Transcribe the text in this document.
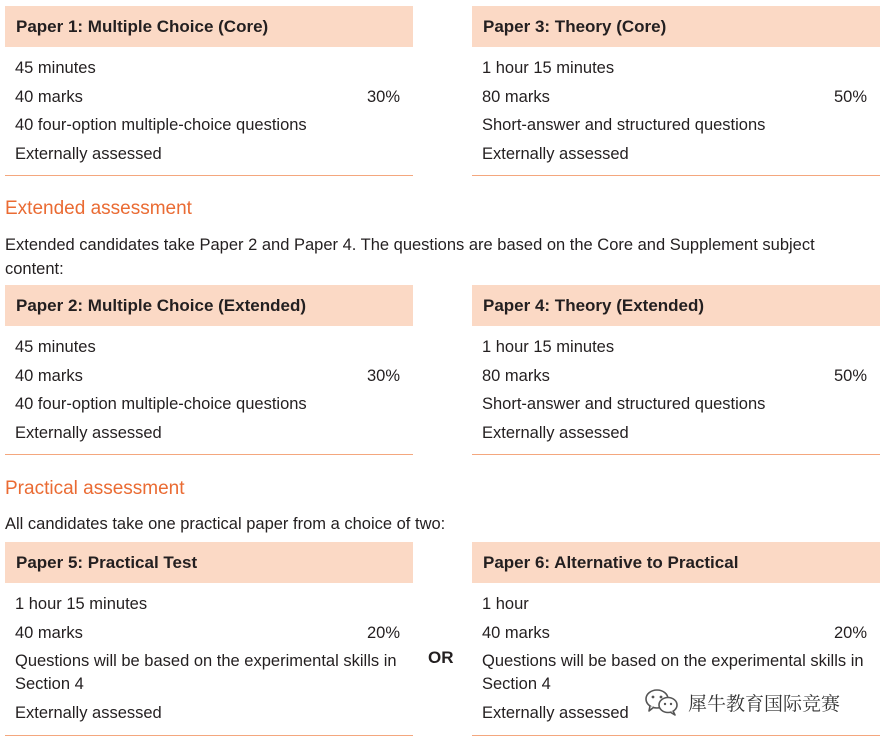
Paper 1: Multiple Choice (Core)
45 minutes
40 marks	30%
40 four-option multiple-choice questions
Externally assessed
Paper 3: Theory (Core)
1 hour 15 minutes
80 marks	50%
Short-answer and structured questions
Externally assessed
Extended assessment
Extended candidates take Paper 2 and Paper 4. The questions are based on the Core and Supplement subject content:
Paper 2: Multiple Choice (Extended)
45 minutes
40 marks	30%
40 four-option multiple-choice questions
Externally assessed
Paper 4: Theory (Extended)
1 hour 15 minutes
80 marks	50%
Short-answer and structured questions
Externally assessed
Practical assessment
All candidates take one practical paper from a choice of two:
Paper 5: Practical Test
1 hour 15 minutes
40 marks	20%
Questions will be based on the experimental skills in Section 4
Externally assessed
OR
Paper 6: Alternative to Practical
1 hour
40 marks	20%
Questions will be based on the experimental skills in Section 4
Externally assessed	犀牛教育国际竞赛
